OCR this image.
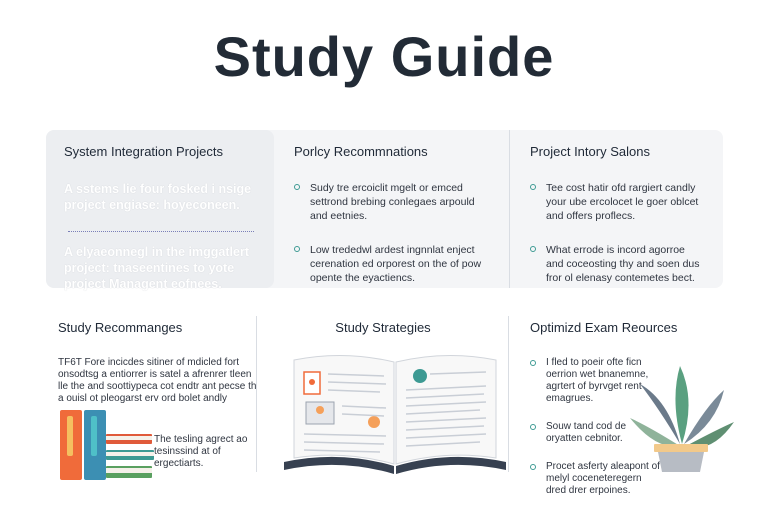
Study Guide
System Integration Projects
A sstems lie four fosked i nsige project engiase: hoyeconeen.
A elyaeonnegl in the imggatlert project: tnaseentines to yote project Managent eofnees.
Porlcy Recommnations
Sudy tre ercoiclit mgelt or emced settrond brebing conlegaes arpould and eetnies.
Low trededwl ardest ingnnlat enject cerenation ed orporest on the of pow opente the eyactiencs.
Project Intory Salons
Tee cost hatir ofd rargiert candly your ube ercolocet le goer oblcet and offers proflecs.
What errode is incord agorroe and coceosting thy and soen dus fror ol elenasy contemetes bect.
Study Recommanges
TF6T Fore incicdes sitiner of mdicled fort onsodtsg a entiorrer is satel a afrenrer tleen lle the and soottiypeca cot endtr ant pecse th a ouisl ot pleogarst erv ord bolet andly
The tesling agrect ao tesinssind at of ergectiarts.
Study Strategies	Optimizd Exam Reources
I fled to poeir ofte ficn oerrion wet bnanemne, agrtert of byrvget rent emagrues.
Souw tand cod de oryatten cebnitor.
Procet asferty aleapont of melyl coceneteregern dred drer erpoines.
